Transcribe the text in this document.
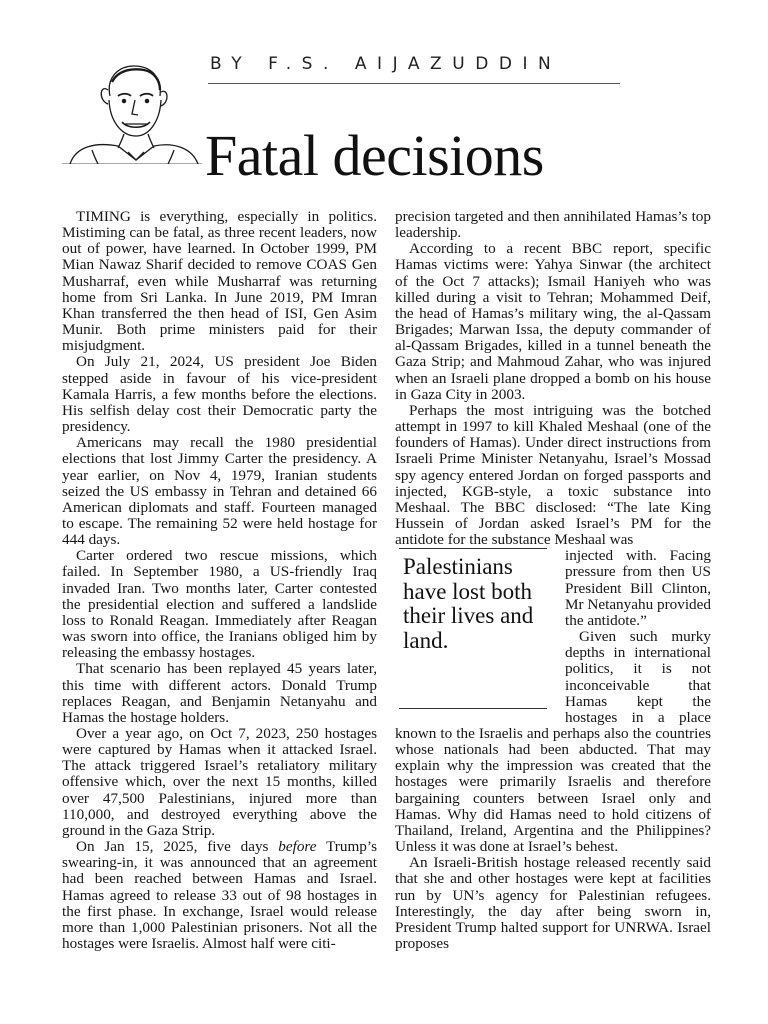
BY F.S. AIJAZUDDIN
Fatal decisions

TIMING is everything, especially in politics. Mistiming can be fatal, as three recent leaders, now out of power, have learned. In October 1999, PM Mian Nawaz Sharif decided to remove COAS Gen Musharraf, even while Musharraf was returning home from Sri Lanka. In June 2019, PM Imran Khan transferred the then head of ISI, Gen Asim Munir. Both prime ministers paid for their misjudgment.

On July 21, 2024, US president Joe Biden stepped aside in favour of his vice-president Kamala Harris, a few months before the elections. His selfish delay cost their Democratic party the presidency.

Americans may recall the 1980 presidential elections that lost Jimmy Carter the presidency. A year earlier, on Nov 4, 1979, Iranian students seized the US embassy in Tehran and detained 66 American diplomats and staff. Fourteen managed to escape. The remaining 52 were held hostage for 444 days.

Carter ordered two rescue missions, which failed. In September 1980, a US-friendly Iraq invaded Iran. Two months later, Carter contested the presidential election and suffered a landslide loss to Ronald Reagan. Immediately after Reagan was sworn into office, the Iranians obliged him by releasing the embassy hostages.

That scenario has been replayed 45 years later, this time with different actors. Donald Trump replaces Reagan, and Benjamin Netanyahu and Hamas the hostage holders.

Over a year ago, on Oct 7, 2023, 250 hostages were captured by Hamas when it attacked Israel. The attack triggered Israel’s retaliatory military offensive which, over the next 15 months, killed over 47,500 Palestinians, injured more than 110,000, and destroyed everything above the ground in the Gaza Strip.

On Jan 15, 2025, five days before Trump’s swearing-in, it was announced that an agreement had been reached between Hamas and Israel. Hamas agreed to release 33 out of 98 hostages in the first phase. In exchange, Israel would release more than 1,000 Palestinian prisoners. Not all the hostages were Israelis. Almost half were citi-

precision targeted and then annihilated Hamas’s top leadership.

According to a recent BBC report, specific Hamas victims were: Yahya Sinwar (the architect of the Oct 7 attacks); Ismail Haniyeh who was killed during a visit to Tehran; Mohammed Deif, the head of Hamas’s military wing, the al-Qassam Brigades; Marwan Issa, the deputy commander of al-Qassam Brigades, killed in a tunnel beneath the Gaza Strip; and Mahmoud Zahar, who was injured when an Israeli plane dropped a bomb on his house in Gaza City in 2003.

Perhaps the most intriguing was the botched attempt in 1997 to kill Khaled Meshaal (one of the founders of Hamas). Under direct instructions from Israeli Prime Minister Netanyahu, Israel’s Mossad spy agency entered Jordan on forged passports and injected, KGB-style, a toxic substance into Meshaal. The BBC disclosed: “The late King Hussein of Jordan asked Israel’s PM for the antidote for the substance Meshaal was

Palestinians have lost both their lives and land.

injected with. Facing pressure from then US President Bill Clinton, Mr Netanyahu provided the antidote.”

Given such murky depths in international politics, it is not inconceivable that Hamas kept the hostages in a place known to the Israelis and perhaps also the countries whose nationals had been abducted. That may explain why the impression was created that the hostages were primarily Israelis and therefore bargaining counters between Israel only and Hamas. Why did Hamas need to hold citizens of Thailand, Ireland, Argentina and the Philippines? Unless it was done at Israel’s behest.

An Israeli-British hostage released recently said that she and other hostages were kept at facilities run by UN’s agency for Palestinian refugees. Interestingly, the day after being sworn in, President Trump halted support for UNRWA. Israel proposes
